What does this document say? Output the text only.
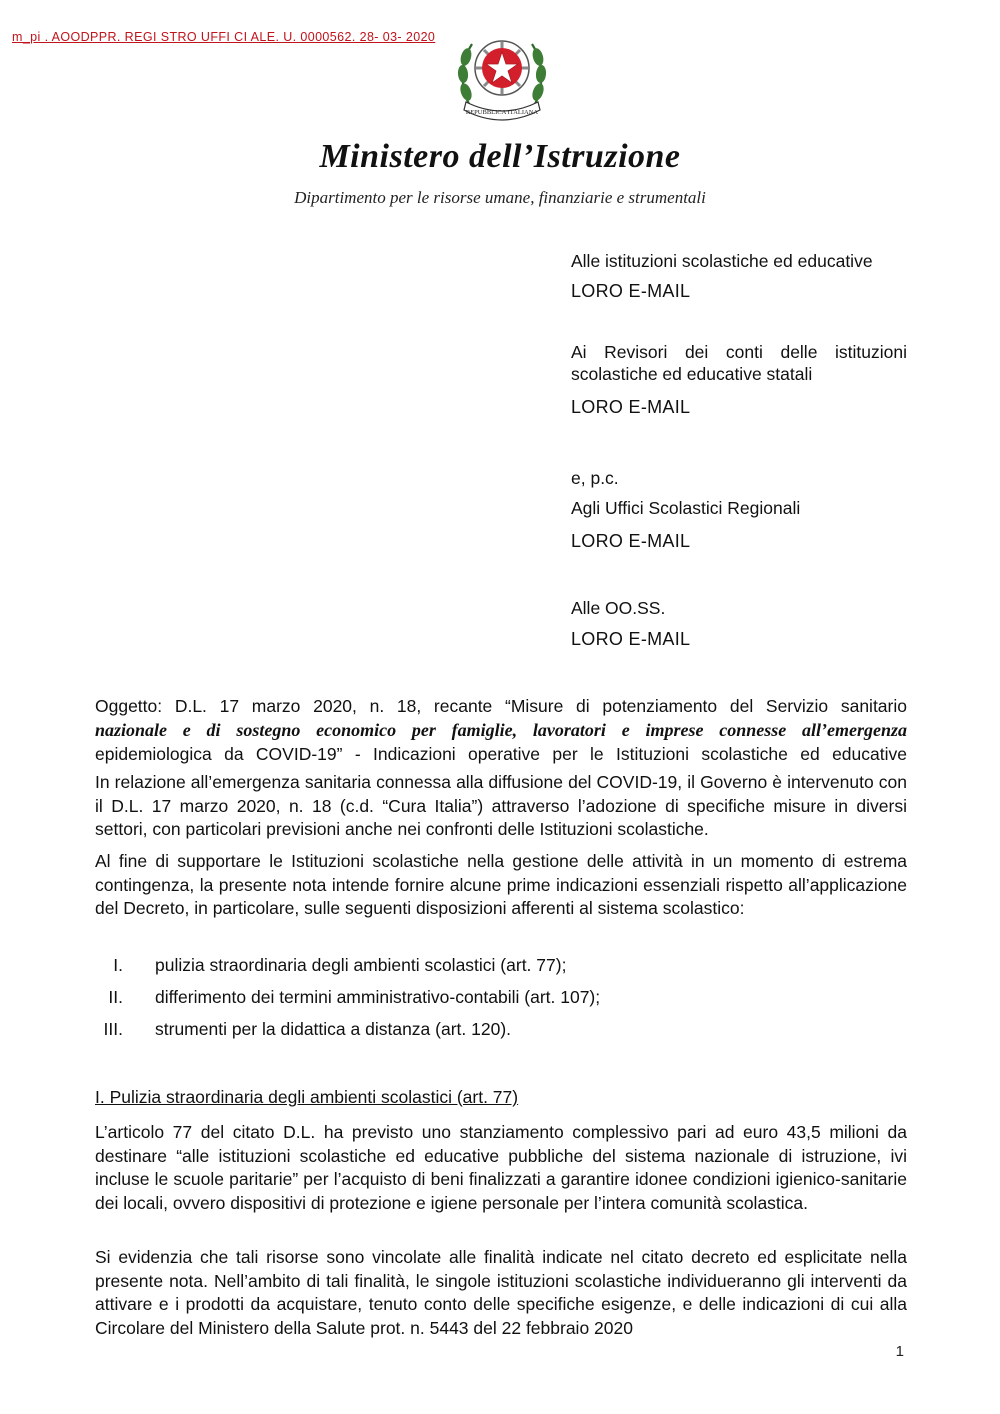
m_pi . AOODPPR. REGI STRO UFFI CI ALE. U. 0000562. 28- 03- 2020
REPUBBLICA ITALIANA
Ministero dell’Istruzione
Dipartimento per le risorse umane, finanziarie e strumentali
Alle istituzioni scolastiche ed educative
LORO E-MAIL
Ai Revisori dei conti delle istituzioni scolastiche ed educative statali
LORO E-MAIL
e, p.c.
Agli Uffici Scolastici Regionali
LORO E-MAIL
Alle OO.SS.
LORO E-MAIL
Oggetto: D.L. 17 marzo 2020, n. 18, recante “Misure di potenziamento del Servizio sanitario
nazionale e di sostegno economico per famiglie, lavoratori e imprese connesse all’emergenza
epidemiologica da COVID-19” - Indicazioni operative per le Istituzioni scolastiche ed educative
In relazione all’emergenza sanitaria connessa alla diffusione del COVID-19, il Governo è intervenuto con il D.L. 17 marzo 2020, n. 18 (c.d. “Cura Italia”) attraverso l’adozione di specifiche misure in diversi settori, con particolari previsioni anche nei confronti delle Istituzioni scolastiche.
Al fine di supportare le Istituzioni scolastiche nella gestione delle attività in un momento di estrema contingenza, la presente nota intende fornire alcune prime indicazioni essenziali rispetto all’applicazione del Decreto, in particolare, sulle seguenti disposizioni afferenti al sistema scolastico:
I. pulizia straordinaria degli ambienti scolastici (art. 77);
II. differimento dei termini amministrativo-contabili (art. 107);
III. strumenti per la didattica a distanza (art. 120).
I. Pulizia straordinaria degli ambienti scolastici (art. 77)
L’articolo 77 del citato D.L. ha previsto uno stanziamento complessivo pari ad euro 43,5 milioni da destinare “alle istituzioni scolastiche ed educative pubbliche del sistema nazionale di istruzione, ivi incluse le scuole paritarie” per l’acquisto di beni finalizzati a garantire idonee condizioni igienico-sanitarie dei locali, ovvero dispositivi di protezione e igiene personale per l’intera comunità scolastica.
Si evidenzia che tali risorse sono vincolate alle finalità indicate nel citato decreto ed esplicitate nella presente nota. Nell’ambito di tali finalità, le singole istituzioni scolastiche individueranno gli interventi da attivare e i prodotti da acquistare, tenuto conto delle specifiche esigenze, e delle indicazioni di cui alla Circolare del Ministero della Salute prot. n. 5443 del 22 febbraio 2020
1
